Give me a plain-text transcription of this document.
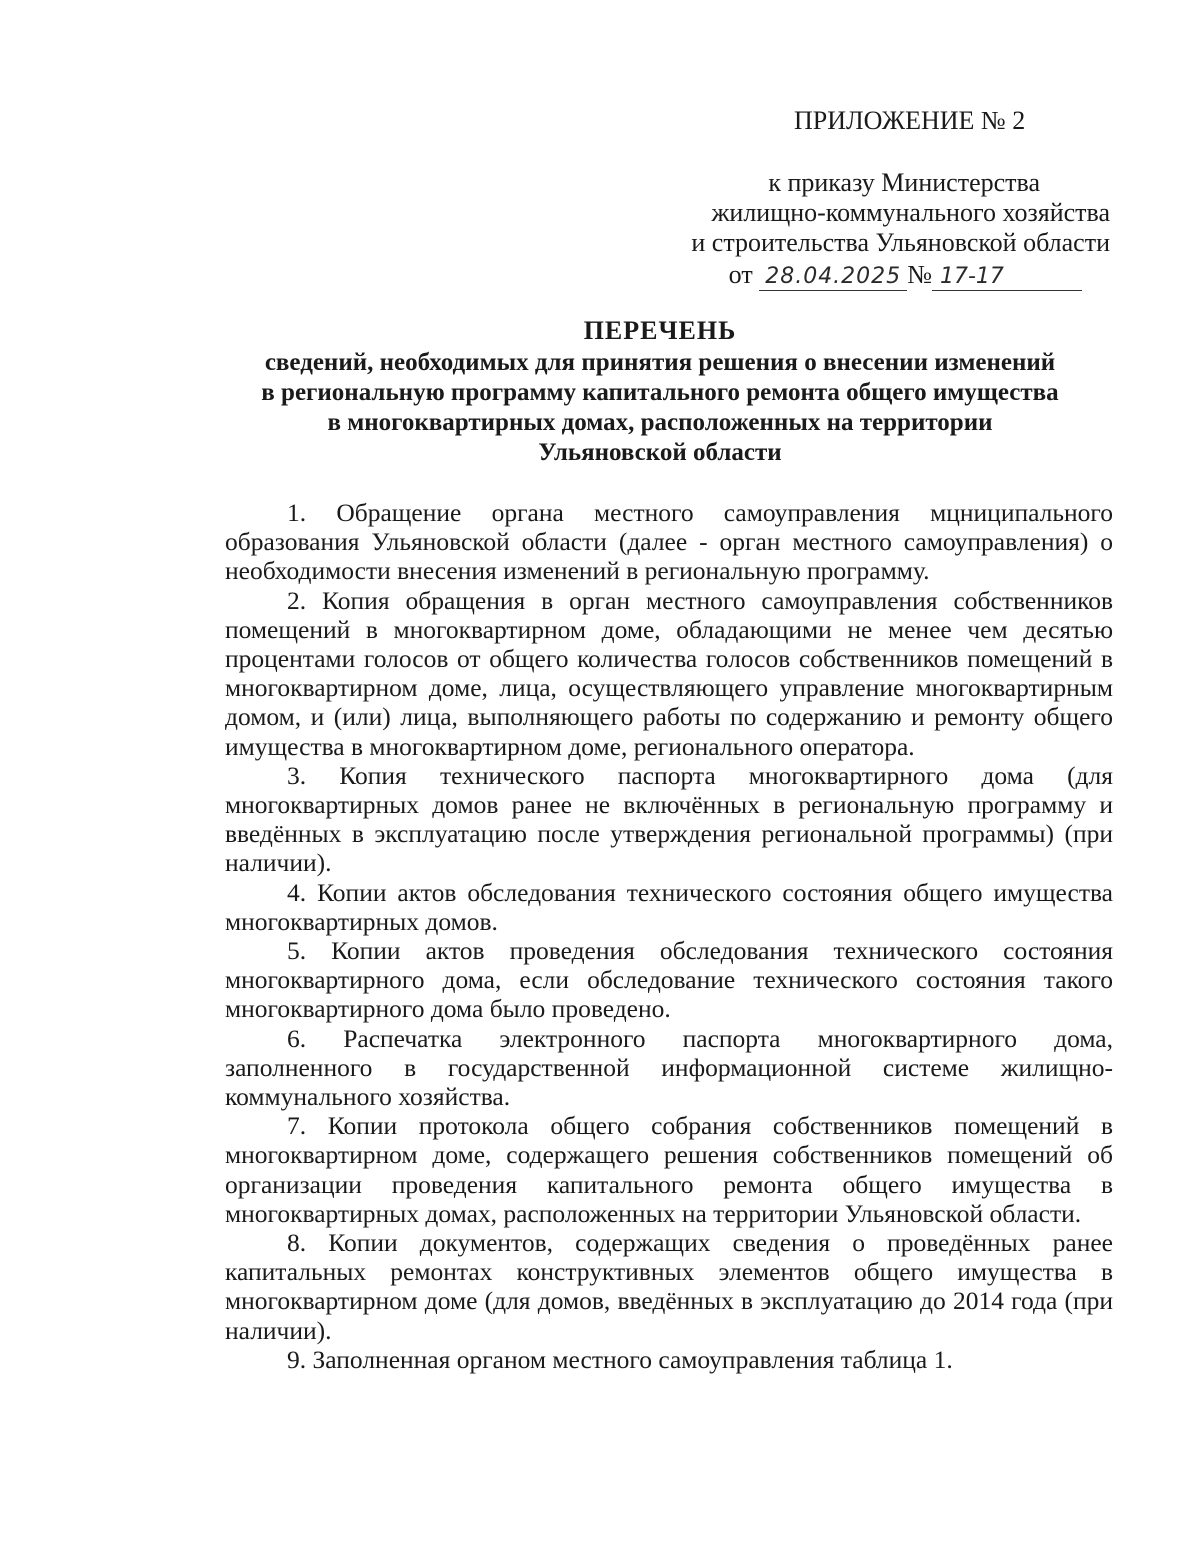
ПРИЛОЖЕНИЕ № 2
к приказу Министерства
жилищно-коммунального хозяйства
и строительства Ульяновской области
от 28.04.2025 № 17-17
ПЕРЕЧЕНЬ
сведений, необходимых для принятия решения о внесении изменений
в региональную программу капитального ремонта общего имущества
в многоквартирных домах, расположенных на территории
Ульяновской области

1. Обращение органа местного самоуправления мцниципального образования Ульяновской области (далее - орган местного самоуправления) о необходимости внесения изменений в региональную программу.

2. Копия обращения в орган местного самоуправления собственников помещений в многоквартирном доме, обладающими не менее чем десятью процентами голосов от общего количества голосов собственников помещений в многоквартирном доме, лица, осуществляющего управление многоквартирным домом, и (или) лица, выполняющего работы по содержанию и ремонту общего имущества в многоквартирном доме, регионального оператора.

3. Копия технического паспорта многоквартирного дома (для многоквартирных домов ранее не включённых в региональную программу и введённых в эксплуатацию после утверждения региональной программы) (при наличии).

4. Копии актов обследования технического состояния общего имущества многоквартирных домов.

5. Копии актов проведения обследования технического состояния многоквартирного дома, если обследование технического состояния такого многоквартирного дома было проведено.

6. Распечатка электронного паспорта многоквартирного дома, заполненного в государственной информационной системе жилищно-коммунального хозяйства.

7. Копии протокола общего собрания собственников помещений в многоквартирном доме, содержащего решения собственников помещений об организации проведения капитального ремонта общего имущества в многоквартирных домах, расположенных на территории Ульяновской области.

8. Копии документов, содержащих сведения о проведённых ранее капитальных ремонтах конструктивных элементов общего имущества в многоквартирном доме (для домов, введённых в эксплуатацию до 2014 года (при наличии).

9. Заполненная органом местного самоуправления таблица 1.
